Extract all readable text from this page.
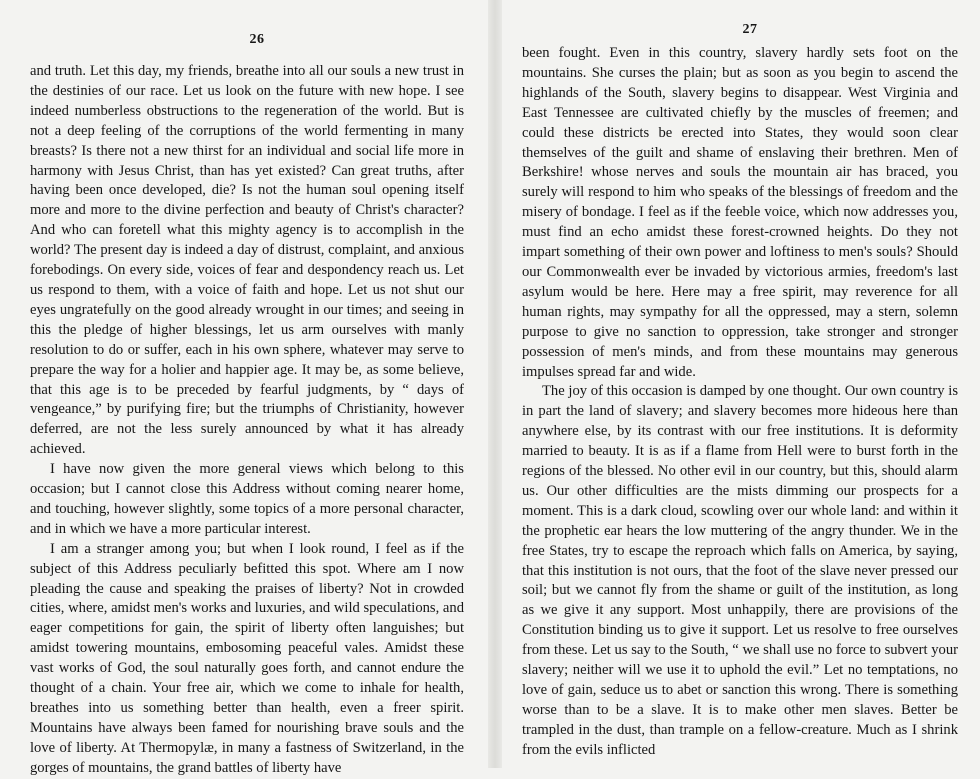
26

and truth. Let this day, my friends, breathe into all our souls a new trust in the destinies of our race. Let us look on the future with new hope. I see indeed numberless obstructions to the regeneration of the world. But is not a deep feeling of the corruptions of the world fermenting in many breasts? Is there not a new thirst for an individual and social life more in harmony with Jesus Christ, than has yet existed? Can great truths, after having been once developed, die? Is not the human soul opening itself more and more to the divine perfection and beauty of Christ's character? And who can foretell what this mighty agency is to accomplish in the world? The present day is indeed a day of distrust, complaint, and anxious forebodings. On every side, voices of fear and despondency reach us. Let us respond to them, with a voice of faith and hope. Let us not shut our eyes ungratefully on the good already wrought in our times; and seeing in this the pledge of higher blessings, let us arm ourselves with manly resolution to do or suffer, each in his own sphere, whatever may serve to prepare the way for a holier and happier age. It may be, as some believe, that this age is to be preceded by fearful judgments, by “ days of vengeance,” by purifying fire; but the triumphs of Christianity, however deferred, are not the less surely announced by what it has already achieved.

I have now given the more general views which belong to this occasion; but I cannot close this Address without coming nearer home, and touching, however slightly, some topics of a more personal character, and in which we have a more particular interest.

I am a stranger among you; but when I look round, I feel as if the subject of this Address peculiarly befitted this spot. Where am I now pleading the cause and speaking the praises of liberty? Not in crowded cities, where, amidst men's works and luxuries, and wild speculations, and eager competitions for gain, the spirit of liberty often languishes; but amidst towering mountains, embosoming peaceful vales. Amidst these vast works of God, the soul naturally goes forth, and cannot endure the thought of a chain. Your free air, which we come to inhale for health, breathes into us something better than health, even a freer spirit. Mountains have always been famed for nourishing brave souls and the love of liberty. At Thermopylæ, in many a fastness of Switzerland, in the gorges of mountains, the grand battles of liberty have

27

been fought. Even in this country, slavery hardly sets foot on the mountains. She curses the plain; but as soon as you begin to ascend the highlands of the South, slavery begins to disappear. West Virginia and East Tennessee are cultivated chiefly by the muscles of freemen; and could these districts be erected into States, they would soon clear themselves of the guilt and shame of enslaving their brethren. Men of Berkshire! whose nerves and souls the mountain air has braced, you surely will respond to him who speaks of the blessings of freedom and the misery of bondage. I feel as if the feeble voice, which now addresses you, must find an echo amidst these forest-crowned heights. Do they not impart something of their own power and loftiness to men's souls? Should our Commonwealth ever be invaded by victorious armies, freedom's last asylum would be here. Here may a free spirit, may reverence for all human rights, may sympathy for all the oppressed, may a stern, solemn purpose to give no sanction to oppression, take stronger and stronger possession of men's minds, and from these mountains may generous impulses spread far and wide.

The joy of this occasion is damped by one thought. Our own country is in part the land of slavery; and slavery becomes more hideous here than anywhere else, by its contrast with our free institutions. It is deformity married to beauty. It is as if a flame from Hell were to burst forth in the regions of the blessed. No other evil in our country, but this, should alarm us. Our other difficulties are the mists dimming our prospects for a moment. This is a dark cloud, scowling over our whole land: and within it the prophetic ear hears the low muttering of the angry thunder. We in the free States, try to escape the reproach which falls on America, by saying, that this institution is not ours, that the foot of the slave never pressed our soil; but we cannot fly from the shame or guilt of the institution, as long as we give it any support. Most unhappily, there are provisions of the Constitution binding us to give it support. Let us resolve to free ourselves from these. Let us say to the South, “ we shall use no force to subvert your slavery; neither will we use it to uphold the evil.” Let no temptations, no love of gain, seduce us to abet or sanction this wrong. There is something worse than to be a slave. It is to make other men slaves. Better be trampled in the dust, than trample on a fellow-creature. Much as I shrink from the evils inflicted
